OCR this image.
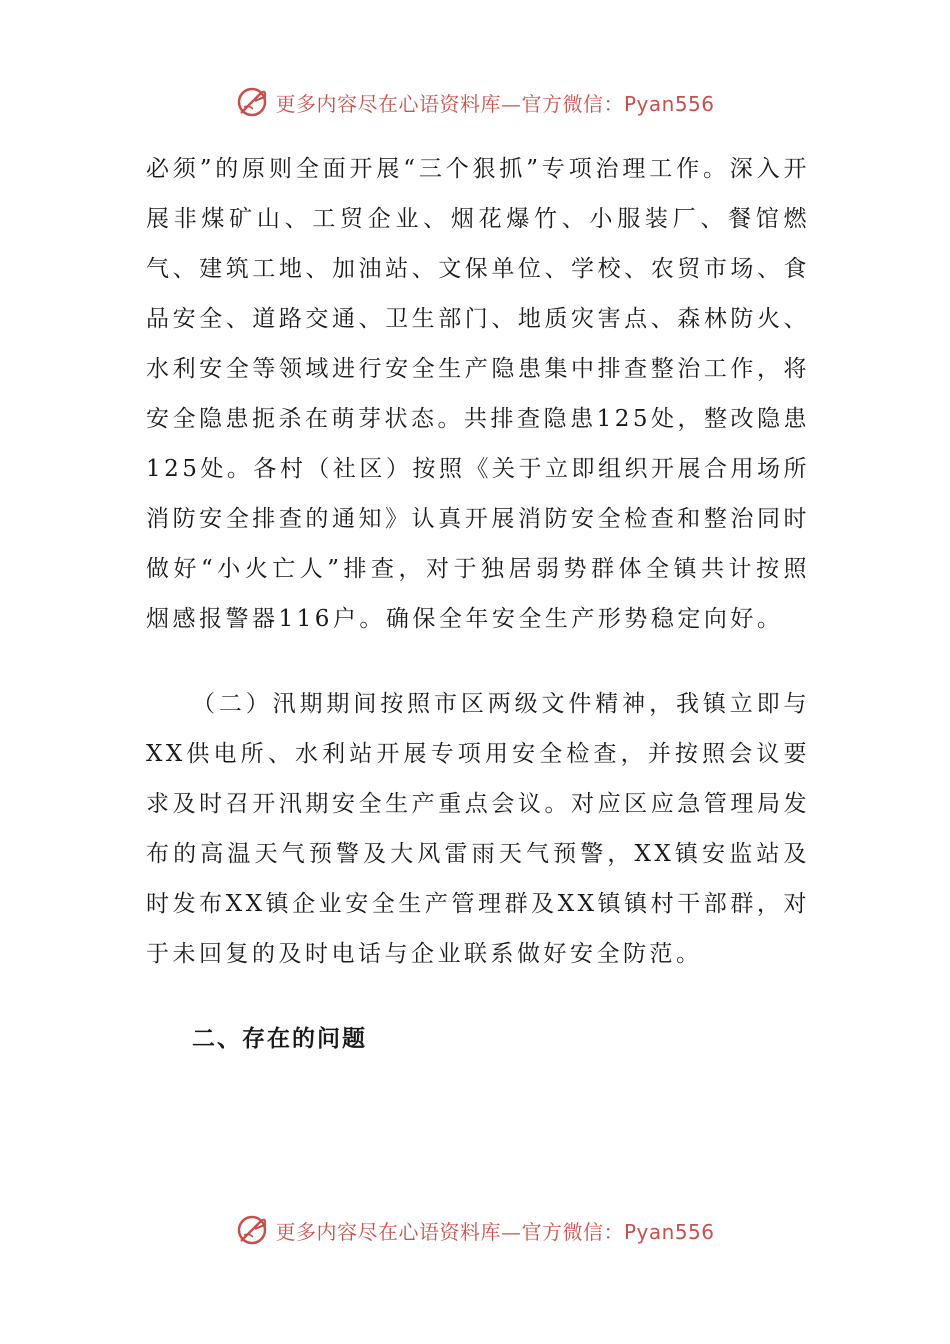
更多内容尽在心语资料库—官方微信：Pyan556

必须”的原则全面开展“三个狠抓”专项治理工作。深入开展非煤矿山、工贸企业、烟花爆竹、小服装厂、餐馆燃气、建筑工地、加油站、文保单位、学校、农贸市场、食品安全、道路交通、卫生部门、地质灾害点、森林防火、水利安全等领域进行安全生产隐患集中排查整治工作，将安全隐患扼杀在萌芽状态。共排查隐患125处，整改隐患125处。各村（社区）按照《关于立即组织开展合用场所消防安全排查的通知》认真开展消防安全检查和整治同时做好“小火亡人”排查，对于独居弱势群体全镇共计按照烟感报警器116户。确保全年安全生产形势稳定向好。

（二）汛期期间按照市区两级文件精神，我镇立即与XX供电所、水利站开展专项用安全检查，并按照会议要求及时召开汛期安全生产重点会议。对应区应急管理局发布的高温天气预警及大风雷雨天气预警，XX镇安监站及时发布XX镇企业安全生产管理群及XX镇镇村干部群，对于未回复的及时电话与企业联系做好安全防范。

二、存在的问题
更多内容尽在心语资料库—官方微信：Pyan556
